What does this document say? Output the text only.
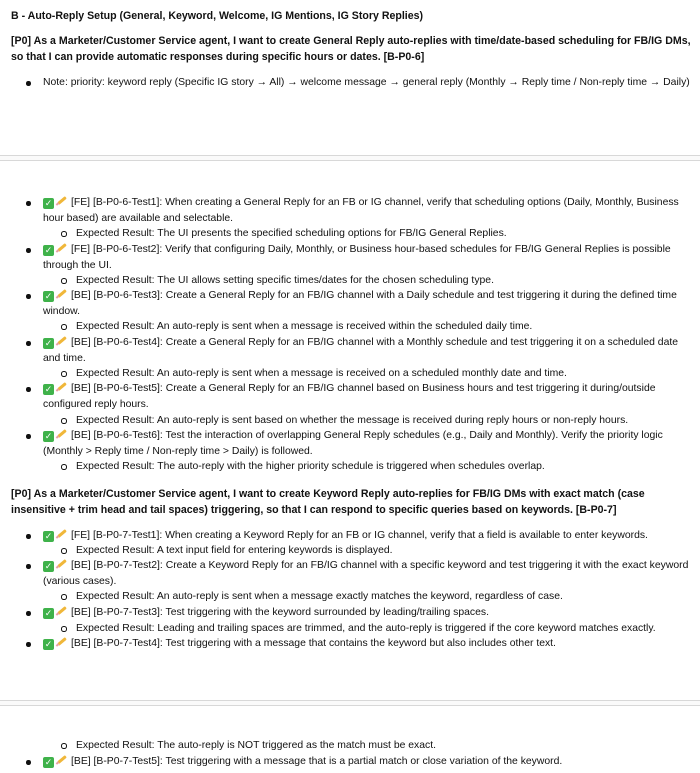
B - Auto-Reply Setup (General, Keyword, Welcome, IG Mentions, IG Story Replies)
[P0] As a Marketer/Customer Service agent, I want to create General Reply auto-replies with time/date-based scheduling for FB/IG DMs, so that I can provide automatic responses during specific hours or dates. [B-P0-6]
Note: priority: keyword reply (Specific IG story → All) → welcome message → general reply (Monthly → Reply time / Non-reply time → Daily)
✓ [FE] [B-P0-6-Test1]: When creating a General Reply for an FB or IG channel, verify that scheduling options (Daily, Monthly, Business hour based) are available and selectable.
Expected Result: The UI presents the specified scheduling options for FB/IG General Replies.
✓ [FE] [B-P0-6-Test2]: Verify that configuring Daily, Monthly, or Business hour-based schedules for FB/IG General Replies is possible through the UI.
Expected Result: The UI allows setting specific times/dates for the chosen scheduling type.
✓ [BE] [B-P0-6-Test3]: Create a General Reply for an FB/IG channel with a Daily schedule and test triggering it during the defined time window.
Expected Result: An auto-reply is sent when a message is received within the scheduled daily time.
✓ [BE] [B-P0-6-Test4]: Create a General Reply for an FB/IG channel with a Monthly schedule and test triggering it on a scheduled date and time.
Expected Result: An auto-reply is sent when a message is received on a scheduled monthly date and time.
✓ [BE] [B-P0-6-Test5]: Create a General Reply for an FB/IG channel based on Business hours and test triggering it during/outside configured reply hours.
Expected Result: An auto-reply is sent based on whether the message is received during reply hours or non-reply hours.
✓ [BE] [B-P0-6-Test6]: Test the interaction of overlapping General Reply schedules (e.g., Daily and Monthly). Verify the priority logic (Monthly > Reply time / Non-reply time > Daily) is followed.
Expected Result: The auto-reply with the higher priority schedule is triggered when schedules overlap.
[P0] As a Marketer/Customer Service agent, I want to create Keyword Reply auto-replies for FB/IG DMs with exact match (case insensitive + trim head and tail spaces) triggering, so that I can respond to specific queries based on keywords. [B-P0-7]
✓ [FE] [B-P0-7-Test1]: When creating a Keyword Reply for an FB or IG channel, verify that a field is available to enter keywords.
Expected Result: A text input field for entering keywords is displayed.
✓ [BE] [B-P0-7-Test2]: Create a Keyword Reply for an FB/IG channel with a specific keyword and test triggering it with the exact keyword (various cases).
Expected Result: An auto-reply is sent when a message exactly matches the keyword, regardless of case.
✓ [BE] [B-P0-7-Test3]: Test triggering with the keyword surrounded by leading/trailing spaces.
Expected Result: Leading and trailing spaces are trimmed, and the auto-reply is triggered if the core keyword matches exactly.
✓ [BE] [B-P0-7-Test4]: Test triggering with a message that contains the keyword but also includes other text.
Expected Result: The auto-reply is NOT triggered as the match must be exact.
✓ [BE] [B-P0-7-Test5]: Test triggering with a message that is a partial match or close variation of the keyword.
